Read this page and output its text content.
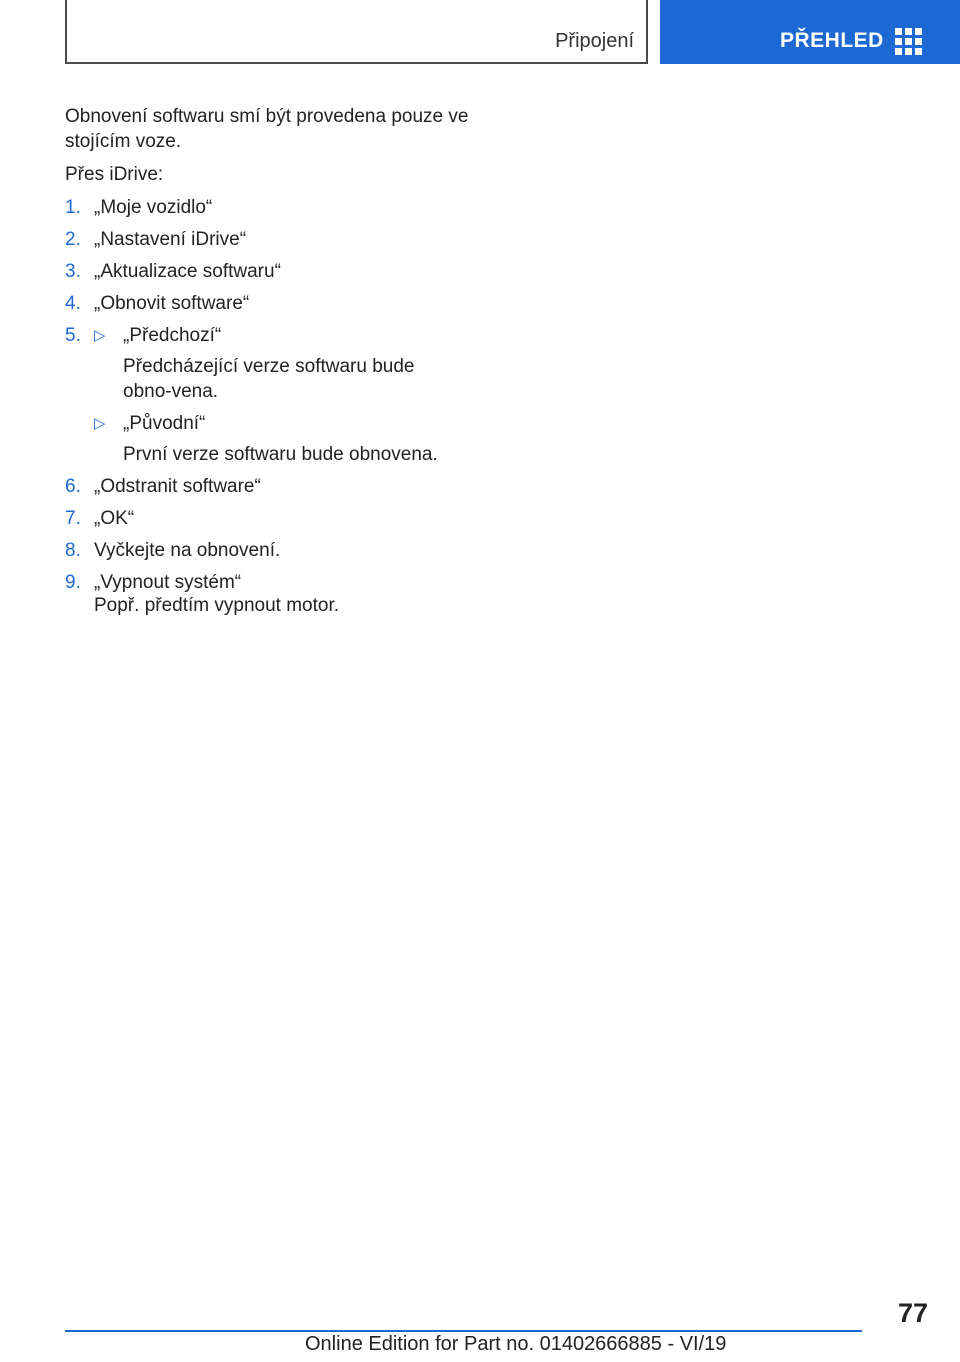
Připojení	PŘEHLED

Obnovení softwaru smí být provedena pouze ve stojícím voze.

Přes iDrive:

1. „Moje vozidlo“
2. „Nastavení iDrive“
3. „Aktualizace softwaru“
4. „Obnovit software“
5. ▷ „Předchozí“
Předcházející verze softwaru bude obno‑vena.
▷ „Původní“
První verze softwaru bude obnovena.
6. „Odstranit software“
7. „OK“
8. Vyčkejte na obnovení.
9. „Vypnout systém“
Popř. předtím vypnout motor.
77
Online Edition for Part no. 01402666885 - VI/19
